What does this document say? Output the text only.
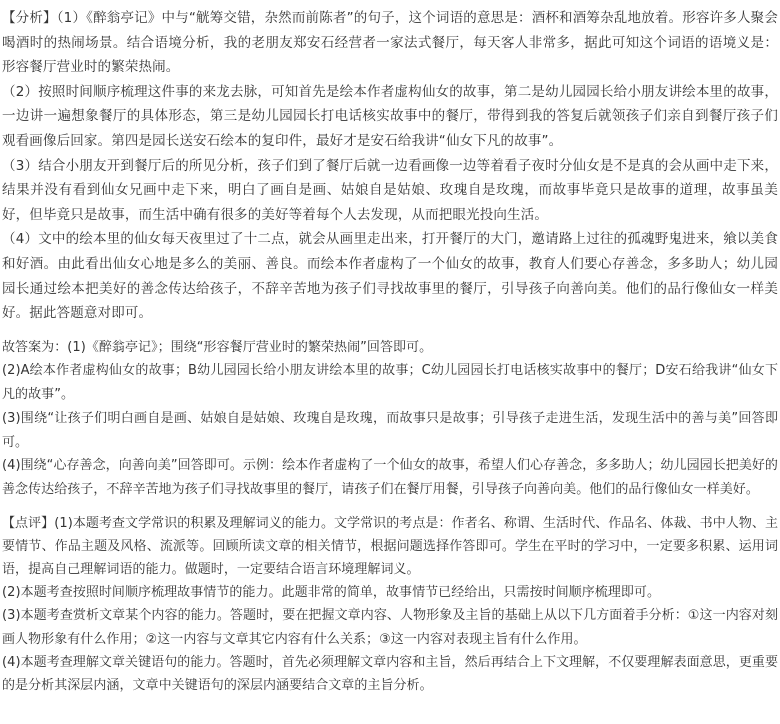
【分析】（1）《醉翁亭记》中与“觥筹交错，杂然而前陈者”的句子，这个词语的意思是：酒杯和酒筹杂乱地放着。形容许多人聚会喝酒时的热闹场景。结合语境分析，我的老朋友郑安石经营者一家法式餐厅，每天客人非常多，据此可知这个词语的语境义是：形容餐厅营业时的繁荣热闹。

（2）按照时间顺序梳理这件事的来龙去脉，可知首先是绘本作者虚构仙女的故事，第二是幼儿园园长给小朋友讲绘本里的故事，一边讲一遍想象餐厅的具体形态，第三是幼儿园园长打电话核实故事中的餐厅，带得到我的答复后就领孩子们亲自到餐厅孩子们观看画像后回家。第四是园长送安石绘本的复印件，最好才是安石给我讲“仙女下凡的故事”。

（3）结合小朋友开到餐厅后的所见分析，孩子们到了餐厅后就一边看画像一边等着看子夜时分仙女是不是真的会从画中走下来，结果并没有看到仙女兄画中走下来，明白了画自是画、姑娘自是姑娘、玫瑰自是玫瑰，而故事毕竟只是故事的道理，故事虽美好，但毕竟只是故事，而生活中确有很多的美好等着每个人去发现，从而把眼光投向生活。

（4）文中的绘本里的仙女每天夜里过了十二点，就会从画里走出来，打开餐厅的大门，邀请路上过往的孤魂野鬼进来，飨以美食和好酒。由此看出仙女心地是多么的美丽、善良。而绘本作者虚构了一个仙女的故事，教育人们要心存善念，多多助人；幼儿园园长通过绘本把美好的善念传达给孩子，不辞辛苦地为孩子们寻找故事里的餐厅，引导孩子向善向美。他们的品行像仙女一样美好。据此答题意对即可。

故答案为：(1)《醉翁亭记》；围绕“形容餐厅营业时的繁荣热闹”回答即可。

(2)A绘本作者虚构仙女的故事；B幼儿园园长给小朋友讲绘本里的故事；C幼儿园园长打电话核实故事中的餐厅；D安石给我讲“仙女下凡的故事”。

(3)围绕“让孩子们明白画自是画、姑娘自是姑娘、玫瑰自是玫瑰，而故事只是故事；引导孩子走进生活，发现生活中的善与美”回答即可。

(4)围绕“心存善念，向善向美”回答即可。示例：绘本作者虚构了一个仙女的故事，希望人们心存善念，多多助人；幼儿园园长把美好的善念传达给孩子，不辞辛苦地为孩子们寻找故事里的餐厅，请孩子们在餐厅用餐，引导孩子向善向美。他们的品行像仙女一样美好。

【点评】(1)本题考查文学常识的积累及理解词义的能力。文学常识的考点是：作者名、称谓、生活时代、作品名、体裁、书中人物、主要情节、作品主题及风格、流派等。回顾所读文章的相关情节，根据问题选择作答即可。学生在平时的学习中，一定要多积累、运用词语，提高自己理解词语的能力。做题时，一定要结合语言环境理解词义。

(2)本题考查按照时间顺序梳理故事情节的能力。此题非常的简单，故事情节已经给出，只需按时间顺序梳理即可。

(3)本题考查赏析文章某个内容的能力。答题时，要在把握文章内容、人物形象及主旨的基础上从以下几方面着手分析：①这一内容对刻画人物形象有什么作用；②这一内容与文章其它内容有什么关系；③这一内容对表现主旨有什么作用。

(4)本题考查理解文章关键语句的能力。答题时，首先必须理解文章内容和主旨，然后再结合上下文理解，不仅要理解表面意思，更重要的是分析其深层内涵，文章中关键语句的深层内涵要结合文章的主旨分析。
